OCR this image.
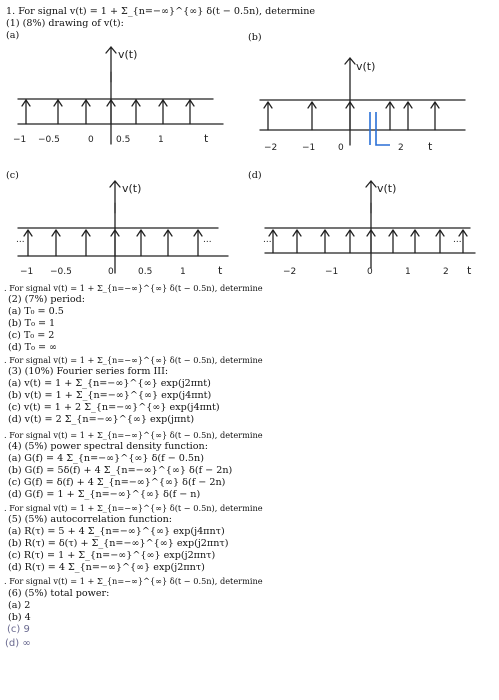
1. For signal v(t) = 1 + Σ_{n=−∞}^{∞} δ(t − 0.5n), determine
(1) (8%) drawing of v(t):
(a)	(b)
v(t)
−1 −0.5	0 0.5	1	t
v(t)
−2	−1	0	2 t
(c)	(d)
v(t)
...	...
−1 −0.5	0	0.5	1	t
v(t)
...	...
−2	−1	0	1	2 t
. For signal v(t) = 1 + Σ_{n=−∞}^{∞} δ(t − 0.5n), determine
(2) (7%) period:
(a) T₀ = 0.5
(b) T₀ = 1
(c) T₀ = 2
(d) T₀ = ∞
. For signal v(t) = 1 + Σ_{n=−∞}^{∞} δ(t − 0.5n), determine
(3) (10%) Fourier series form III:
(a) v(t) = 1 + Σ_{n=−∞}^{∞} exp(j2πnt)
(b) v(t) = 1 + Σ_{n=−∞}^{∞} exp(j4πnt)
(c) v(t) = 1 + 2 Σ_{n=−∞}^{∞} exp(j4πnt)
(d) v(t) = 2 Σ_{n=−∞}^{∞} exp(jπnt)
. For signal v(t) = 1 + Σ_{n=−∞}^{∞} δ(t − 0.5n), determine
(4) (5%) power spectral density function:
(a) G(f) = 4 Σ_{n=−∞}^{∞} δ(f − 0.5n)
(b) G(f) = 5δ(f) + 4 Σ_{n=−∞}^{∞} δ(f − 2n)
(c) G(f) = δ(f) + 4 Σ_{n=−∞}^{∞} δ(f − 2n)
(d) G(f) = 1 + Σ_{n=−∞}^{∞} δ(f − n)
. For signal v(t) = 1 + Σ_{n=−∞}^{∞} δ(t − 0.5n), determine
(5) (5%) autocorrelation function:
(a) R(τ) = 5 + 4 Σ_{n=−∞}^{∞} exp(j4πnτ)
(b) R(τ) = δ(τ) + Σ_{n=−∞}^{∞} exp(j2πnτ)
(c) R(τ) = 1 + Σ_{n=−∞}^{∞} exp(j2πnτ)
(d) R(τ) = 4 Σ_{n=−∞}^{∞} exp(j2πnτ)
. For signal v(t) = 1 + Σ_{n=−∞}^{∞} δ(t − 0.5n), determine
(6) (5%) total power:
(a) 2
(b) 4
(c) 9
(d) ∞
